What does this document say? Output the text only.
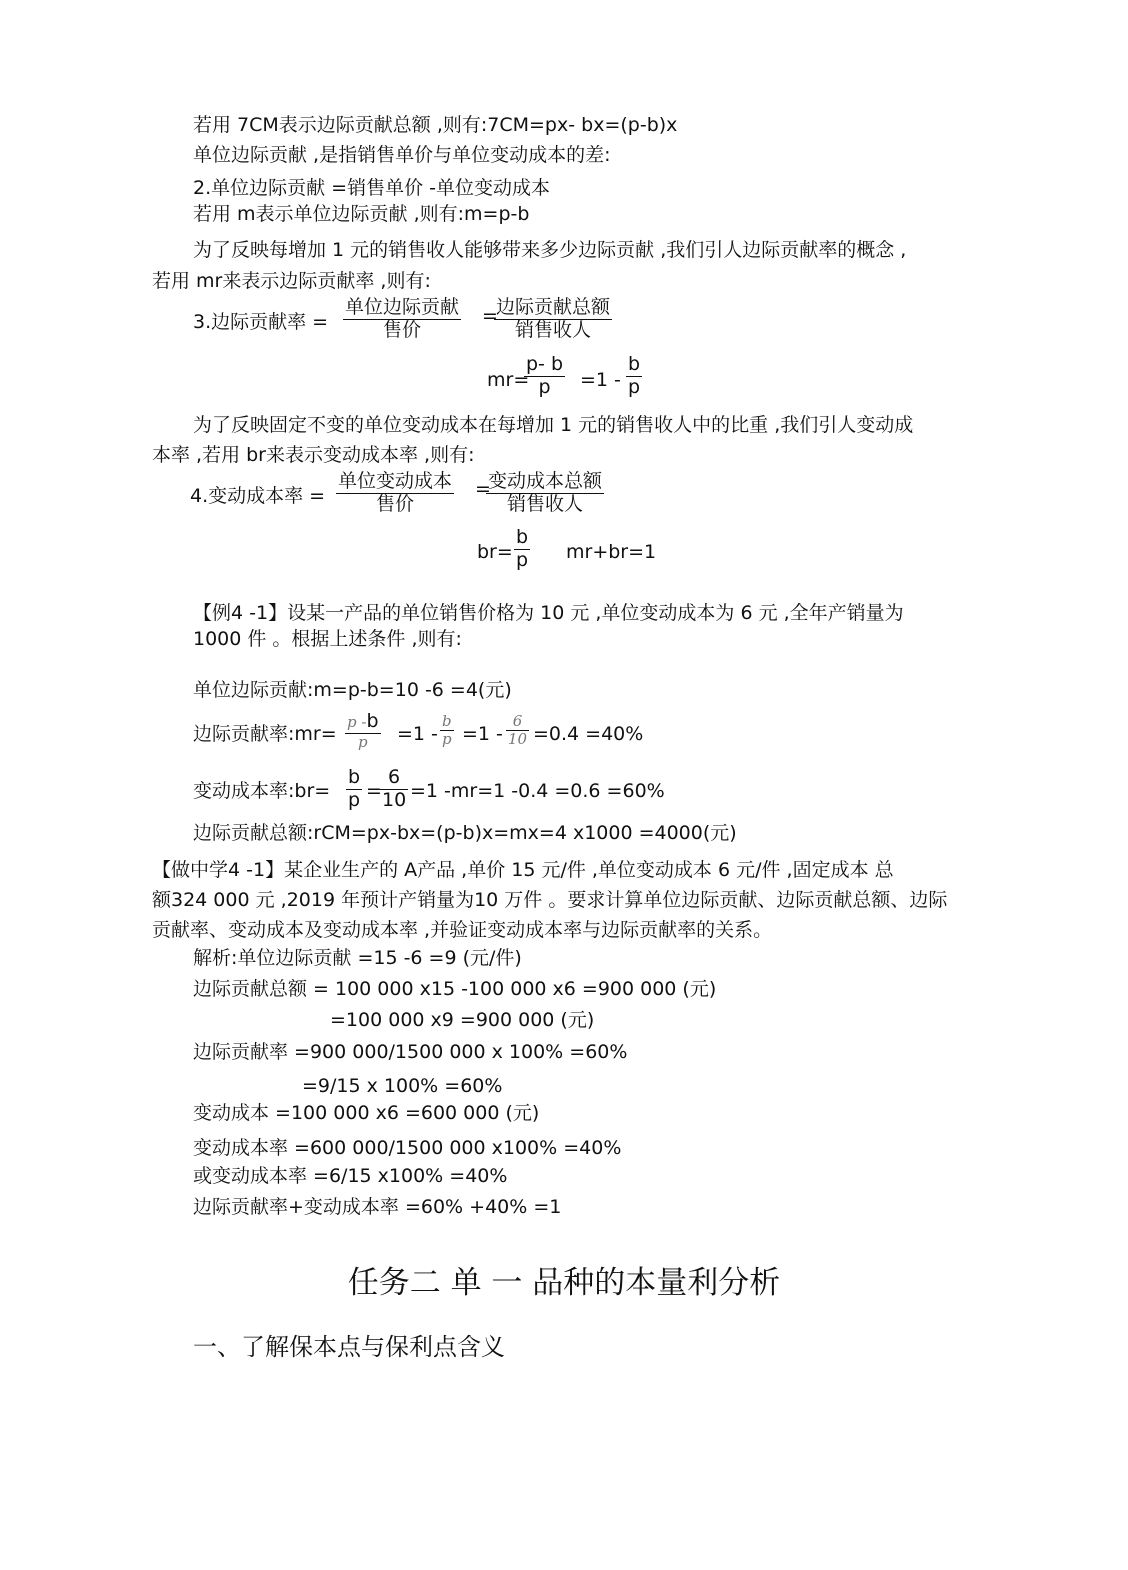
若用 7CM表示边际贡献总额 ,则有:7CM=px- bx=(p-b)x

单位边际贡献 ,是指销售单价与单位变动成本的差:

2.单位边际贡献 =销售单价 -单位变动成本

若用 m表示单位边际贡献 ,则有:m=p-b

为了反映每增加 1 元的销售收人能够带来多少边际贡献 ,我们引人边际贡献率的概念 ,

若用 mr来表示边际贡献率 ,则有:

3.边际贡献率 =
单位边际贡献
售价
=
边际贡献总额
销售收人
mr=
$\frac{p- b}{p} =1 - \frac{b}{p}$

为了反映固定不变的单位变动成本在每增加 1 元的销售收人中的比重 ,我们引人变动成

本率 ,若用 br来表示变动成本率 ,则有:

4.变动成本率 =
单位变动成本
售价
=
变动成本总额
销售收人
$br= \frac{b}{p} mr+br=1$

【例4 -1】设某一产品的单位销售价格为 10 元 ,单位变动成本为 6 元 ,全年产销量为

1000 件 。根据上述条件 ,则有:

单位边际贡献:m=p-b=10 -6 =4(元)

边际贡献率:mr=
p -b
p	$=1 - \frac{b}{p} =1 - \frac{6}{10} =0.4 =40\%$
变动成本率:br= $\frac{b}{p}$ =
$\frac{6}{10} =1$ -mr=1 -0.4 =0.6 =60%

边际贡献总额:rCM=px-bx=(p-b)x=mx=4 x1000 =4000(元)

【做中学4 -1】某企业生产的 A产品 ,单价 15 元/件 ,单位变动成本 6 元/件 ,固定成本 总

额324 000 元 ,2019 年预计产销量为10 万件 。要求计算单位边际贡献、边际贡献总额、边际

贡献率、变动成本及变动成本率 ,并验证变动成本率与边际贡献率的关系。

解析:单位边际贡献 =15 -6 =9 (元/件)

边际贡献总额 = 100 000 x15 -100 000 x6 =900 000 (元)

=100 000 x9 =900 000 (元)

边际贡献率 =900 000/1500 000 x 100% =60%

=9/15 x 100% =60%

变动成本 =100 000 x6 =600 000 (元)

变动成本率 =600 000/1500 000 x100% =40%

或变动成本率 =6/15 x100% =40%

边际贡献率+变动成本率 =60% +40% =1

任务二 单 一 品种的本量利分析
一、了解保本点与保利点含义
